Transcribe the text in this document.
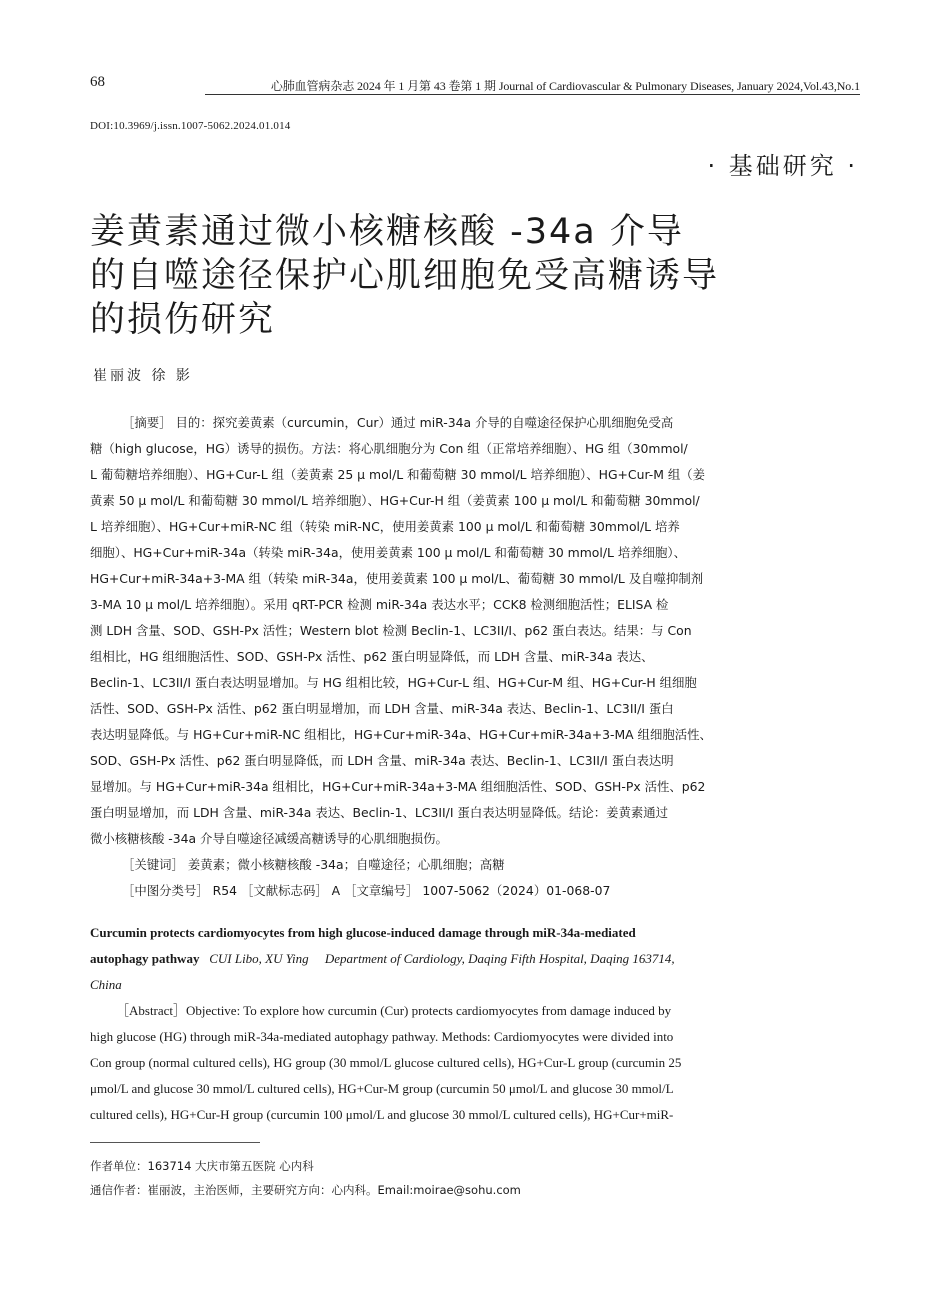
68	心肺血管病杂志 2024 年 1 月第 43 卷第 1 期 Journal of Cardiovascular & Pulmonary Diseases, January 2024,Vol.43,No.1
DOI:10.3969/j.issn.1007-5062.2024.01.014
· 基础研究 ·
姜黄素通过微小核糖核酸 -34a 介导
的自噬途径保护心肌细胞免受高糖诱导
的损伤研究
崔丽波 徐 影
［摘要］ 目的：探究姜黄素（curcumin，Cur）通过 miR-34a 介导的自噬途径保护心肌细胞免受高
糖（high glucose，HG）诱导的损伤。方法：将心肌细胞分为 Con 组（正常培养细胞）、HG 组（30mmol/
L 葡萄糖培养细胞）、HG+Cur-L 组（姜黄素 25 μ mol/L 和葡萄糖 30 mmol/L 培养细胞）、HG+Cur-M 组（姜
黄素 50 μ mol/L 和葡萄糖 30 mmol/L 培养细胞）、HG+Cur-H 组（姜黄素 100 μ mol/L 和葡萄糖 30mmol/
L 培养细胞）、HG+Cur+miR-NC 组（转染 miR-NC，使用姜黄素 100 μ mol/L 和葡萄糖 30mmol/L 培养
细胞）、HG+Cur+miR-34a（转染 miR-34a，使用姜黄素 100 μ mol/L 和葡萄糖 30 mmol/L 培养细胞）、
HG+Cur+miR-34a+3-MA 组（转染 miR-34a，使用姜黄素 100 μ mol/L、葡萄糖 30 mmol/L 及自噬抑制剂
3-MA 10 μ mol/L 培养细胞）。采用 qRT-PCR 检测 miR-34a 表达水平；CCK8 检测细胞活性；ELISA 检
测 LDH 含量、SOD、GSH-Px 活性；Western blot 检测 Beclin-1、LC3II/I、p62 蛋白表达。结果：与 Con
组相比，HG 组细胞活性、SOD、GSH-Px 活性、p62 蛋白明显降低，而 LDH 含量、miR-34a 表达、
Beclin-1、LC3II/I 蛋白表达明显增加。与 HG 组相比较，HG+Cur-L 组、HG+Cur-M 组、HG+Cur-H 组细胞
活性、SOD、GSH-Px 活性、p62 蛋白明显增加，而 LDH 含量、miR-34a 表达、Beclin-1、LC3II/I 蛋白
表达明显降低。与 HG+Cur+miR-NC 组相比，HG+Cur+miR-34a、HG+Cur+miR-34a+3-MA 组细胞活性、
SOD、GSH-Px 活性、p62 蛋白明显降低，而 LDH 含量、miR-34a 表达、Beclin-1、LC3II/I 蛋白表达明
显增加。与 HG+Cur+miR-34a 组相比，HG+Cur+miR-34a+3-MA 组细胞活性、SOD、GSH-Px 活性、p62
蛋白明显增加，而 LDH 含量、miR-34a 表达、Beclin-1、LC3II/I 蛋白表达明显降低。结论：姜黄素通过
微小核糖核酸 -34a 介导自噬途径减缓高糖诱导的心肌细胞损伤。
［关键词］ 姜黄素；微小核糖核酸 -34a；自噬途径；心肌细胞；高糖
［中图分类号］ R54 ［文献标志码］ A ［文章编号］ 1007-5062（2024）01-068-07
Curcumin protects cardiomyocytes from high glucose-induced damage through miR-34a-mediated
autophagy pathway CUI Libo, XU Ying Department of Cardiology, Daqing Fifth Hospital, Daqing 163714,
China
［Abstract］Objective: To explore how curcumin (Cur) protects cardiomyocytes from damage induced by
high glucose (HG) through miR-34a-mediated autophagy pathway. Methods: Cardiomyocytes were divided into
Con group (normal cultured cells), HG group (30 mmol/L glucose cultured cells), HG+Cur-L group (curcumin 25
μmol/L and glucose 30 mmol/L cultured cells), HG+Cur-M group (curcumin 50 μmol/L and glucose 30 mmol/L
cultured cells), HG+Cur-H group (curcumin 100 μmol/L and glucose 30 mmol/L cultured cells), HG+Cur+miR-
作者单位：163714 大庆市第五医院 心内科
通信作者：崔丽波，主治医师，主要研究方向：心内科。Email:moirae@sohu.com
